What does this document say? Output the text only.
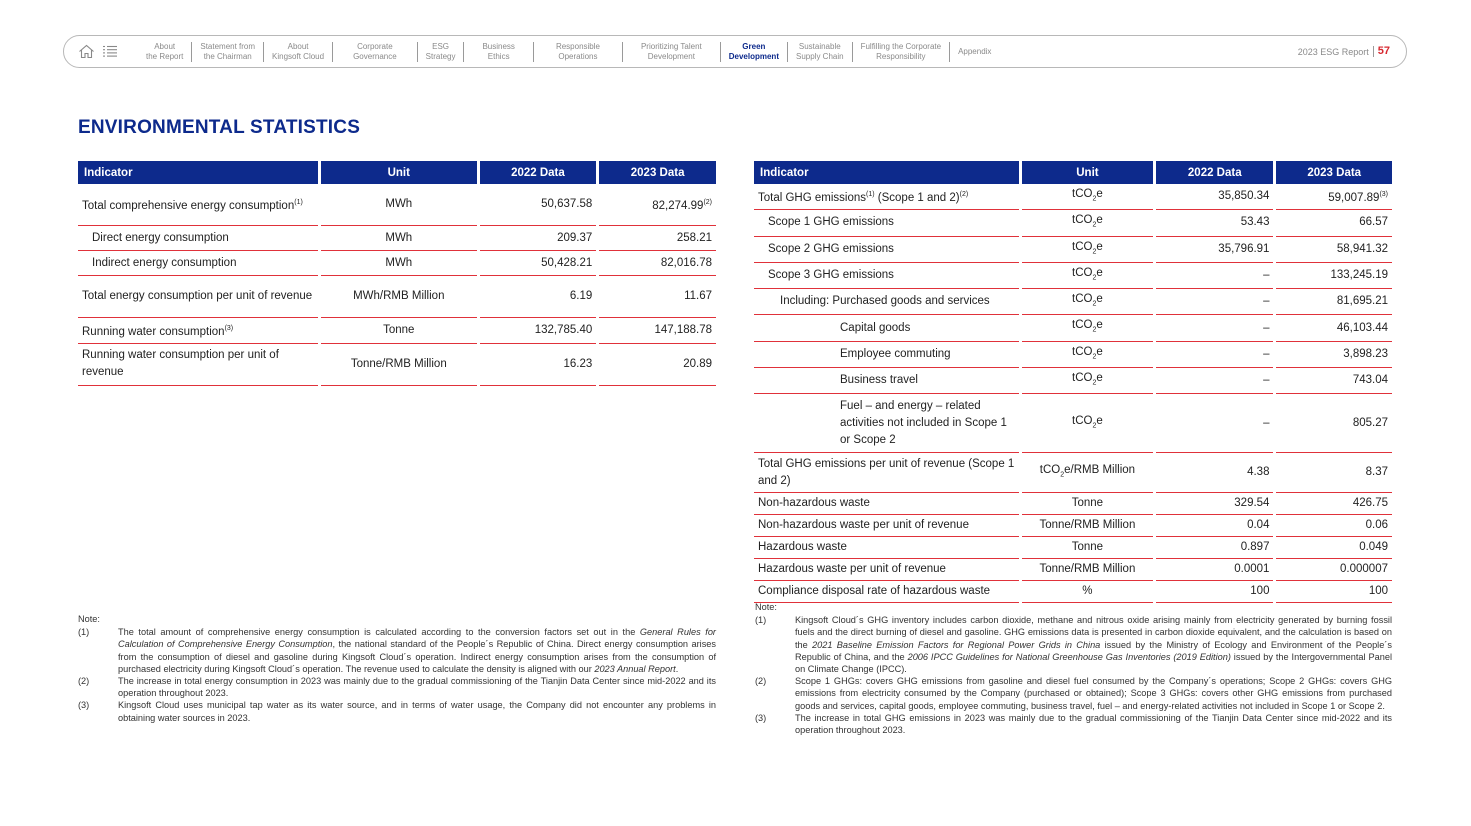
About
the Report
Statement from
the Chairman
About
Kingsoft Cloud
Corporate
Governance
ESG
Strategy
Business
Ethics
Responsible
Operations
Prioritizing Talent
Development
Green
Development
Sustainable
Supply Chain
Fulfilling the Corporate
Responsibility
Appendix	2023 ESG Report 57
ENVIRONMENTAL STATISTICS
Indicator	Unit	2022 Data	2023 Data
Total comprehensive energy consumption$^{(1)}$	MWh	50,637.58	82,274.99$^{(2)}$
Direct energy consumption	MWh	209.37	258.21
Indirect energy consumption	MWh	50,428.21	82,016.78
Total energy consumption per unit of revenue	MWh/RMB Million	6.19	11.67
Running water consumption$^{(3)}$	Tonne	132,785.40	147,188.78
Running water consumption per unit of revenue	Tonne/RMB Million	16.23	20.89
Indicator	Unit	2022 Data	2023 Data
Total GHG emissions$^{(1)}$ (Scope 1 and 2)$^{(2)}$	tCO$_2$e	35,850.34	59,007.89$^{(3)}$
Scope 1 GHG emissions	tCO$_2$e	53.43	66.57
Scope 2 GHG emissions	tCO$_2$e	35,796.91	58,941.32
Scope 3 GHG emissions	tCO$_2$e	–	133,245.19
Including: Purchased goods and services	tCO$_2$e	–	81,695.21
Capital goods	tCO$_2$e	–	46,103.44
Employee commuting	tCO$_2$e	–	3,898.23
Business travel	tCO$_2$e	–	743.04
Fuel – and energy – related activities not included in Scope 1 or Scope 2	tCO$_2$e	–	805.27
Total GHG emissions per unit of revenue (Scope 1 and 2)	tCO$_2$e/RMB Million	4.38	8.37
Non-hazardous waste	Tonne	329.54	426.75
Non-hazardous waste per unit of revenue	Tonne/RMB Million	0.04	0.06
Hazardous waste	Tonne	0.897	0.049
Hazardous waste per unit of revenue	Tonne/RMB Million	0.0001	0.000007
Compliance disposal rate of hazardous waste	%	100	100
Note:
(1)	The total amount of comprehensive energy consumption is calculated according to the conversion factors set out in the General Rules for Calculation of Comprehensive Energy Consumption, the national standard of the People´s Republic of China. Direct energy consumption arises from the consumption of diesel and gasoline during Kingsoft Cloud´s operation. Indirect energy consumption arises from the consumption of purchased electricity during Kingsoft Cloud´s operation. The revenue used to calculate the density is aligned with our 2023 Annual Report.
(2)	The increase in total energy consumption in 2023 was mainly due to the gradual commissioning of the Tianjin Data Center since mid-2022 and its operation throughout 2023.
(3)	Kingsoft Cloud uses municipal tap water as its water source, and in terms of water usage, the Company did not encounter any problems in obtaining water sources in 2023.
Note:
(1)	Kingsoft Cloud´s GHG inventory includes carbon dioxide, methane and nitrous oxide arising mainly from electricity generated by burning fossil fuels and the direct burning of diesel and gasoline. GHG emissions data is presented in carbon dioxide equivalent, and the calculation is based on the 2021 Baseline Emission Factors for Regional Power Grids in China issued by the Ministry of Ecology and Environment of the People´s Republic of China, and the 2006 IPCC Guidelines for National Greenhouse Gas Inventories (2019 Edition) issued by the Intergovernmental Panel on Climate Change (IPCC).
(2)	Scope 1 GHGs: covers GHG emissions from gasoline and diesel fuel consumed by the Company´s operations; Scope 2 GHGs: covers GHG emissions from electricity consumed by the Company (purchased or obtained); Scope 3 GHGs: covers other GHG emissions from purchased goods and services, capital goods, employee commuting, business travel, fuel – and energy-related activities not included in Scope 1 or Scope 2.
(3)	The increase in total GHG emissions in 2023 was mainly due to the gradual commissioning of the Tianjin Data Center since mid-2022 and its operation throughout 2023.
